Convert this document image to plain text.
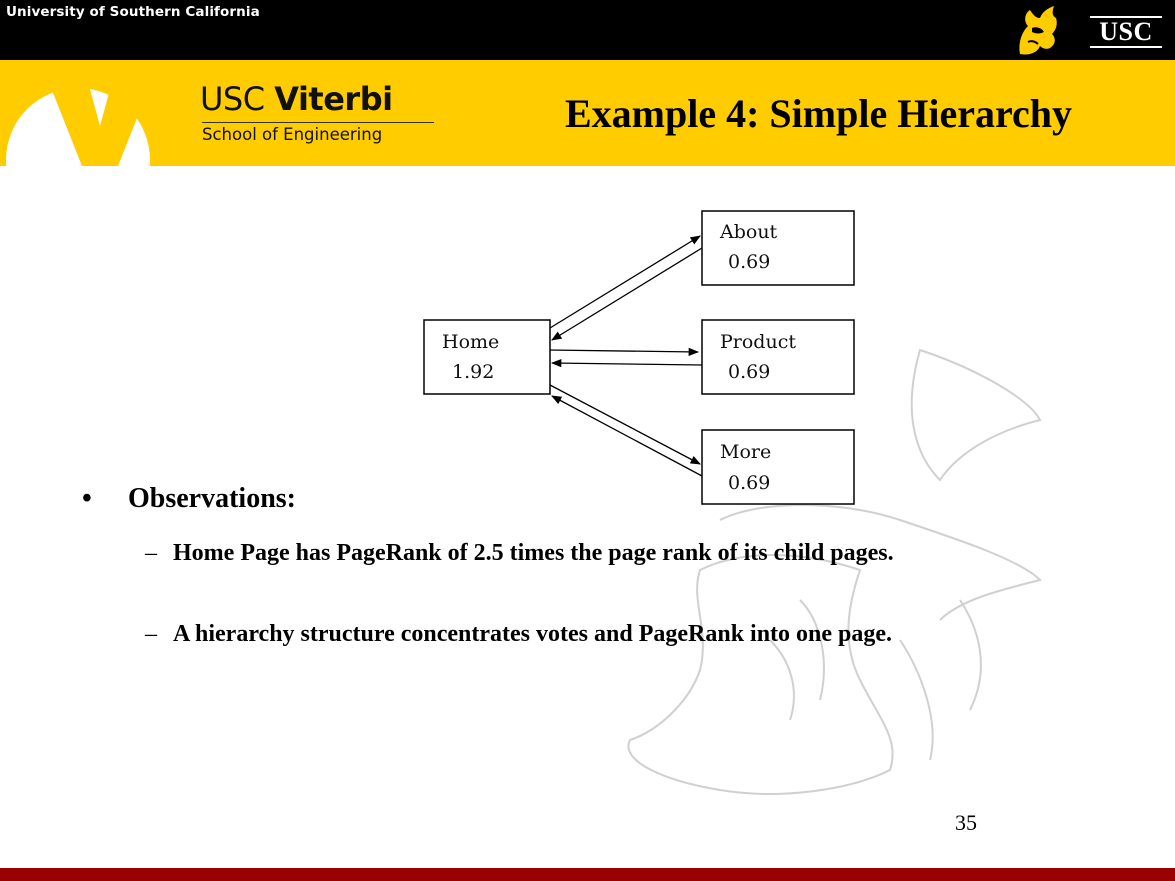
University of Southern California
USC
USC Viterbi
School of Engineering	Example 4: Simple Hierarchy
Home
1.92
About
0.69
Product
0.69
More
0.69
• Observations:
– Home Page has PageRank of 2.5 times the page rank of its child pages.
– A hierarchy structure concentrates votes and PageRank into one page.
35
